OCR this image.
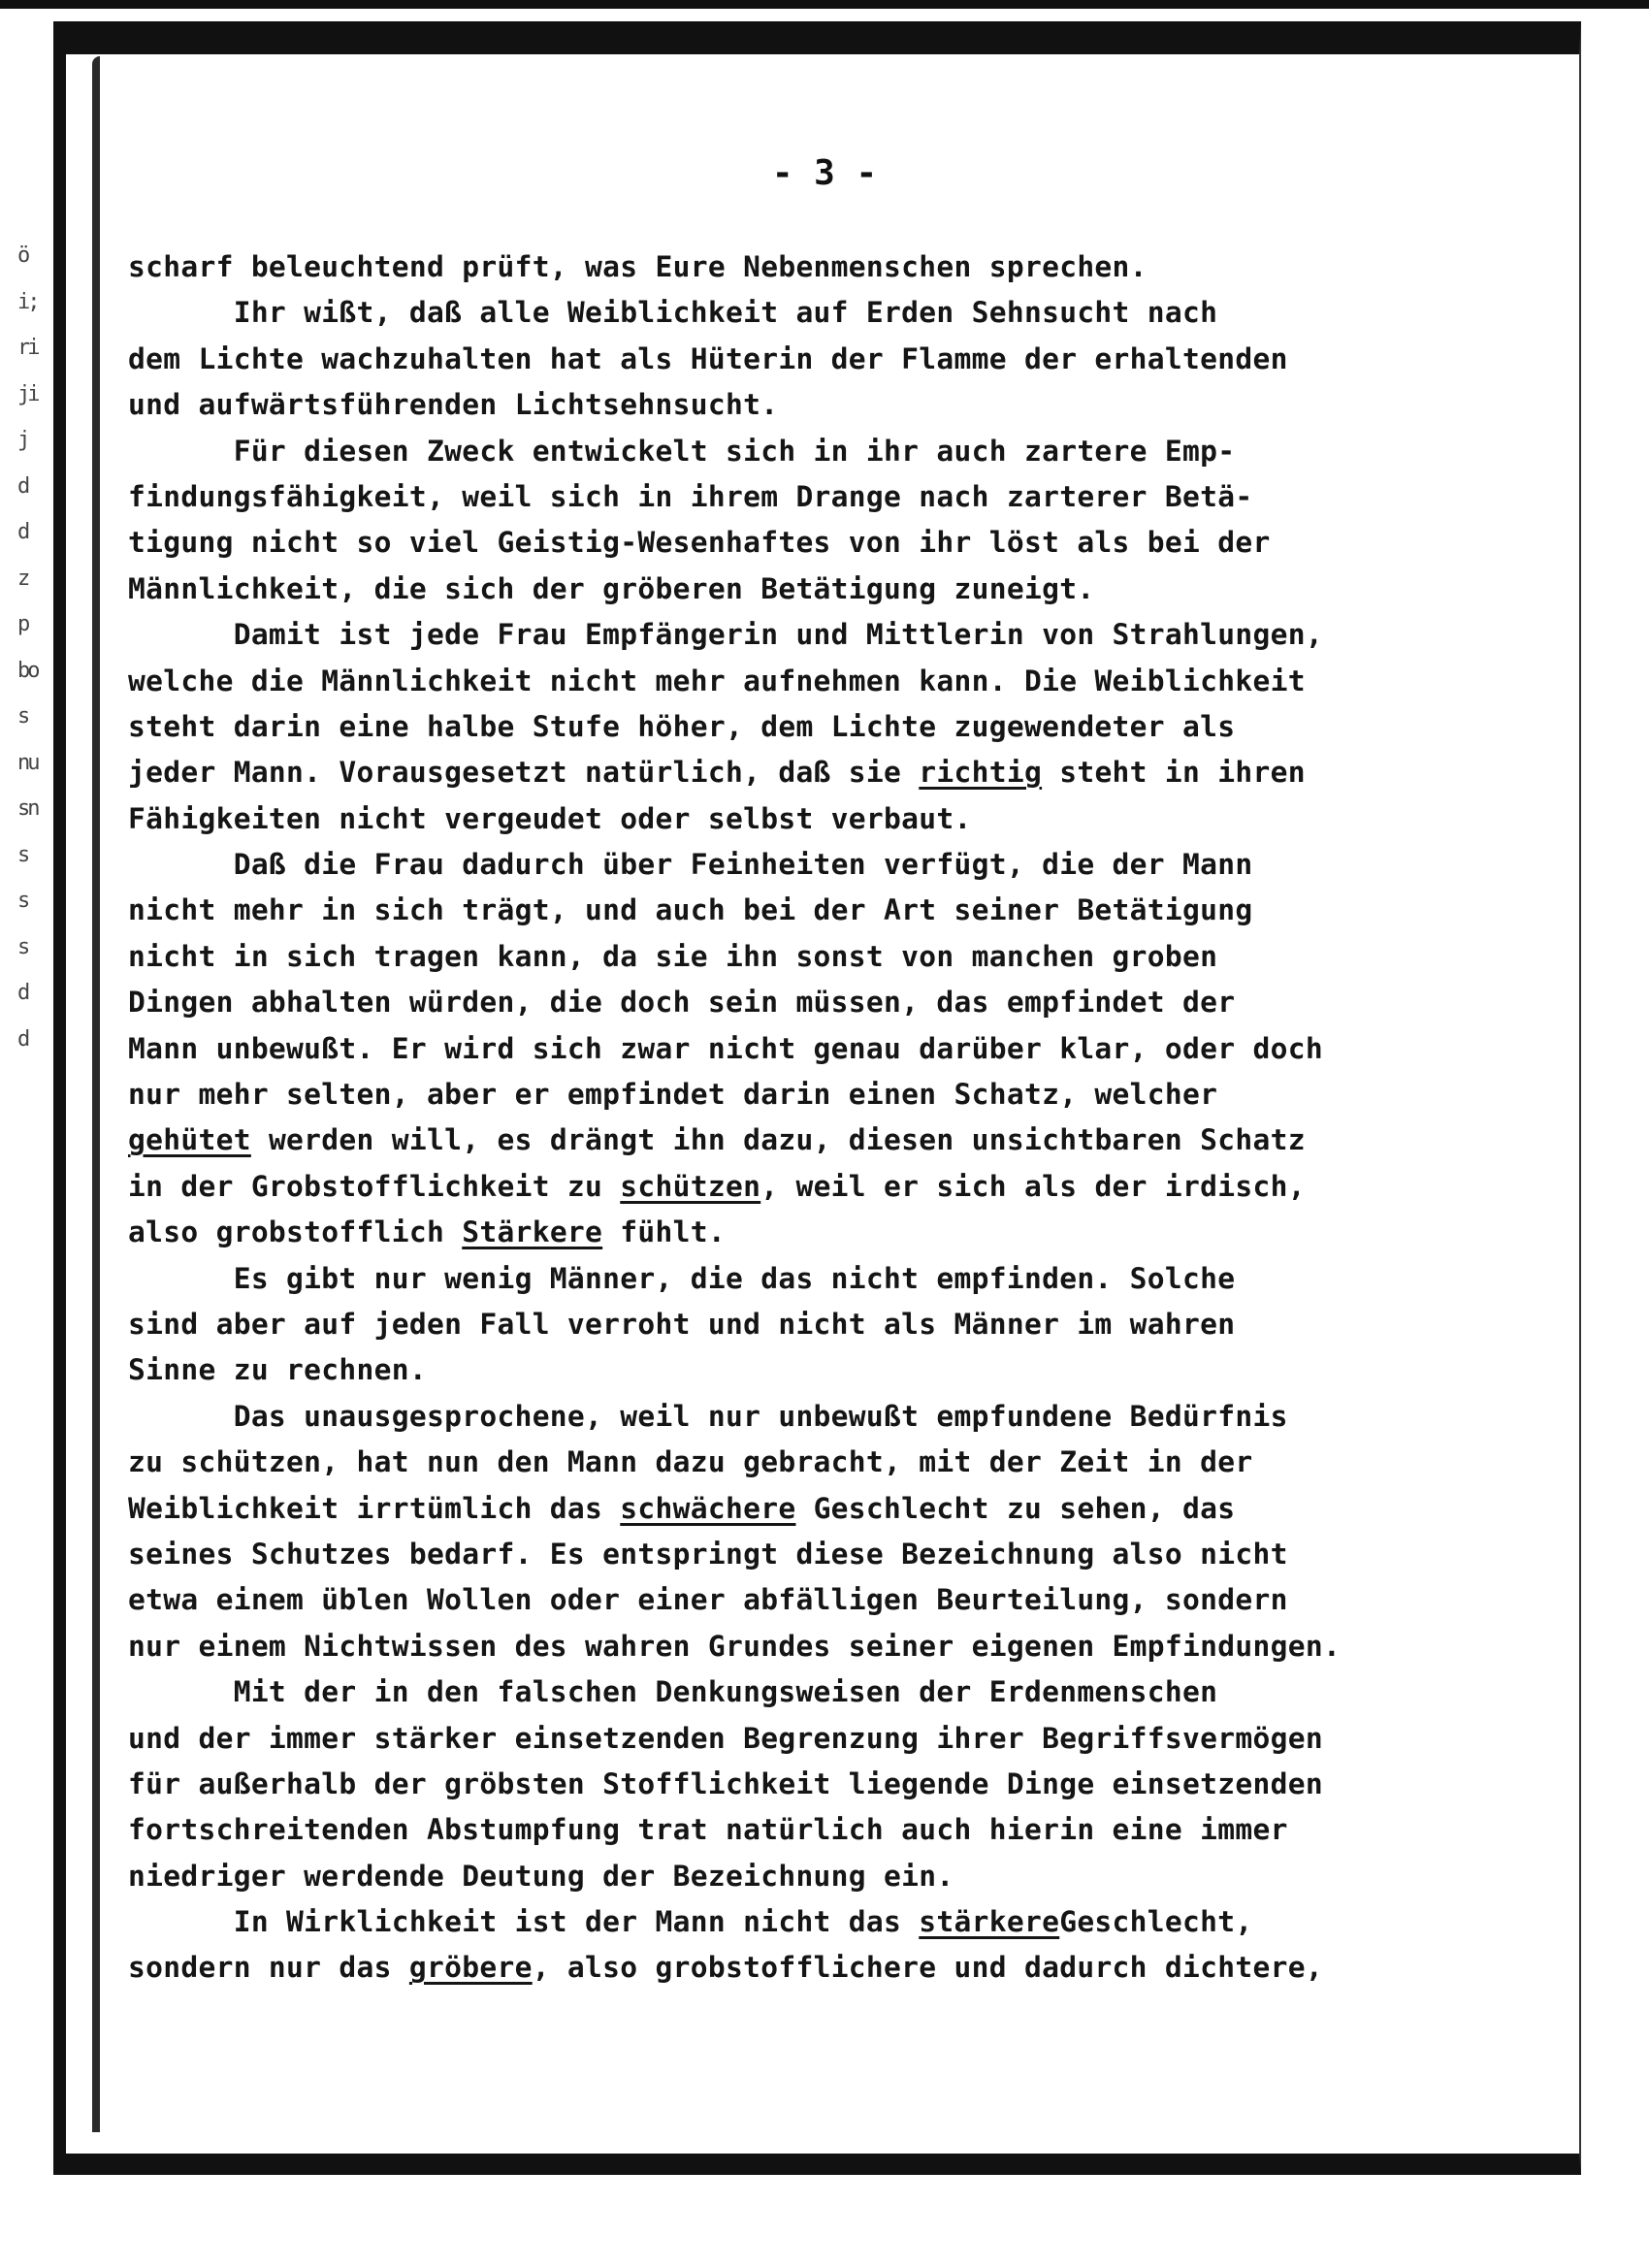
ö
i;
ri
ji
j
d
d
z
p
bo
s
nu
sn
s
s
s
d
d
- 3 -
scharf beleuchtend prüft, was Eure Nebenmenschen sprechen.
Ihr wißt, daß alle Weiblichkeit auf Erden Sehnsucht nach
dem Lichte wachzuhalten hat als Hüterin der Flamme der erhaltenden
und aufwärtsführenden Lichtsehnsucht.
Für diesen Zweck entwickelt sich in ihr auch zartere Emp-
findungsfähigkeit, weil sich in ihrem Drange nach zarterer Betä-
tigung nicht so viel Geistig-Wesenhaftes von ihr löst als bei der
Männlichkeit, die sich der gröberen Betätigung zuneigt.
Damit ist jede Frau Empfängerin und Mittlerin von Strahlungen,
welche die Männlichkeit nicht mehr aufnehmen kann. Die Weiblichkeit
steht darin eine halbe Stufe höher, dem Lichte zugewendeter als
jeder Mann. Vorausgesetzt natürlich, daß sie richtig steht in ihren
Fähigkeiten nicht vergeudet oder selbst verbaut.
Daß die Frau dadurch über Feinheiten verfügt, die der Mann
nicht mehr in sich trägt, und auch bei der Art seiner Betätigung
nicht in sich tragen kann, da sie ihn sonst von manchen groben
Dingen abhalten würden, die doch sein müssen, das empfindet der
Mann unbewußt. Er wird sich zwar nicht genau darüber klar, oder doch
nur mehr selten, aber er empfindet darin einen Schatz, welcher
gehütet werden will, es drängt ihn dazu, diesen unsichtbaren Schatz
in der Grobstofflichkeit zu schützen, weil er sich als der irdisch,
also grobstofflich Stärkere fühlt.
Es gibt nur wenig Männer, die das nicht empfinden. Solche
sind aber auf jeden Fall verroht und nicht als Männer im wahren
Sinne zu rechnen.
Das unausgesprochene, weil nur unbewußt empfundene Bedürfnis
zu schützen, hat nun den Mann dazu gebracht, mit der Zeit in der
Weiblichkeit irrtümlich das schwächere Geschlecht zu sehen, das
seines Schutzes bedarf. Es entspringt diese Bezeichnung also nicht
etwa einem üblen Wollen oder einer abfälligen Beurteilung, sondern
nur einem Nichtwissen des wahren Grundes seiner eigenen Empfindungen.
Mit der in den falschen Denkungsweisen der Erdenmenschen
und der immer stärker einsetzenden Begrenzung ihrer Begriffsvermögen
für außerhalb der gröbsten Stofflichkeit liegende Dinge einsetzenden
fortschreitenden Abstumpfung trat natürlich auch hierin eine immer
niedriger werdende Deutung der Bezeichnung ein.
In Wirklichkeit ist der Mann nicht das stärkereGeschlecht,
sondern nur das gröbere, also grobstofflichere und dadurch dichtere,
